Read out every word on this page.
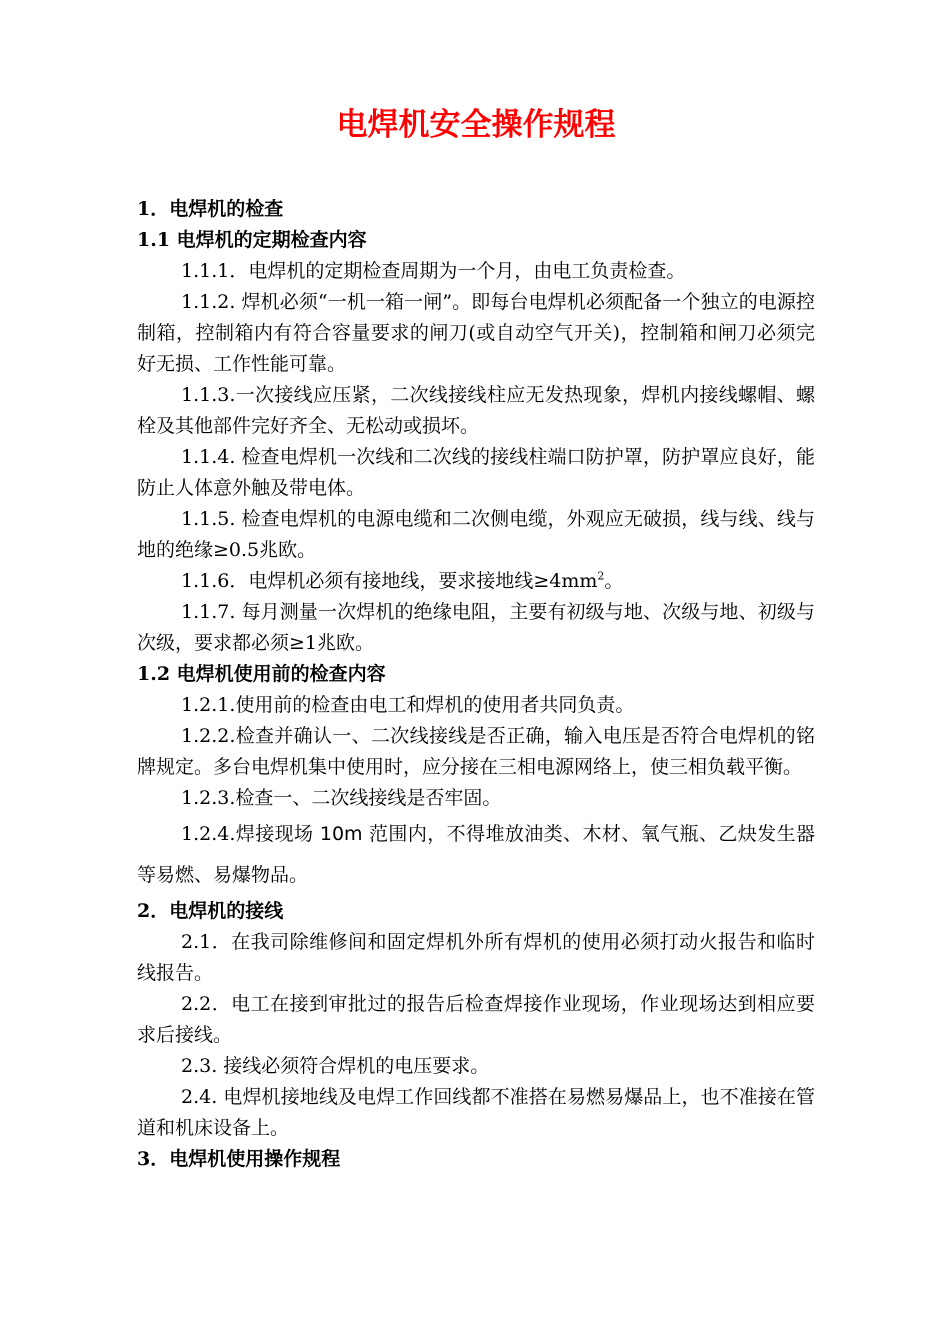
电焊机安全操作规程

1．电焊机的检查

1.1 电焊机的定期检查内容

1.1.1．电焊机的定期检查周期为一个月，由电工负责检查。

1.1.2. 焊机必须“一机一箱一闸”。即每台电焊机必须配备一个独立的电源控制箱，控制箱内有符合容量要求的闸刀(或自动空气开关)，控制箱和闸刀必须完好无损、工作性能可靠。

1.1.3.一次接线应压紧，二次线接线柱应无发热现象，焊机内接线螺帽、螺栓及其他部件完好齐全、无松动或损坏。

1.1.4. 检查电焊机一次线和二次线的接线柱端口防护罩，防护罩应良好，能防止人体意外触及带电体。

1.1.5. 检查电焊机的电源电缆和二次侧电缆，外观应无破损，线与线、线与地的绝缘≥0.5兆欧。

1.1.6．电焊机必须有接地线，要求接地线$\ge 4mm^2$。

1.1.7. 每月测量一次焊机的绝缘电阻，主要有初级与地、次级与地、初级与次级，要求都必须≥1兆欧。

1.2 电焊机使用前的检查内容

1.2.1.使用前的检查由电工和焊机的使用者共同负责。

1.2.2.检查并确认一、二次线接线是否正确，输入电压是否符合电焊机的铭牌规定。多台电焊机集中使用时，应分接在三相电源网络上，使三相负载平衡。

1.2.3.检查一、二次线接线是否牢固。

1.2.4.焊接现场 10m 范围内，不得堆放油类、木材、氧气瓶、乙炔发生器等易燃、易爆物品。

2．电焊机的接线

2.1．在我司除维修间和固定焊机外所有焊机的使用必须打动火报告和临时线报告。

2.2．电工在接到审批过的报告后检查焊接作业现场，作业现场达到相应要求后接线。

2.3. 接线必须符合焊机的电压要求。

2.4. 电焊机接地线及电焊工作回线都不准搭在易燃易爆品上，也不准接在管道和机床设备上。

3．电焊机使用操作规程
